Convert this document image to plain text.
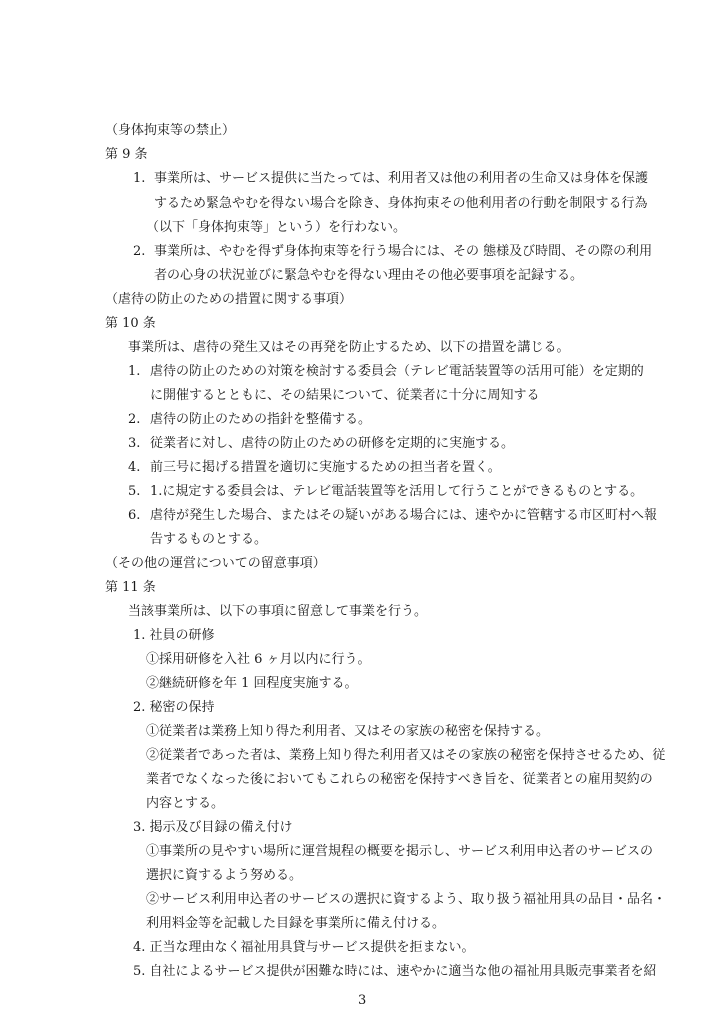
（身体拘束等の禁止）
第 9 条
1. 事業所は、サービス提供に当たっては、利用者又は他の利用者の生命又は身体を保護
するため緊急やむを得ない場合を除き、身体拘束その他利用者の行動を制限する行為
（以下「身体拘束等」という）を行わない。
2. 事業所は、やむを得ず身体拘束等を行う場合には、その 態様及び時間、その際の利用
者の心身の状況並びに緊急やむを得ない理由その他必要事項を記録する。
（虐待の防止のための措置に関する事項）
第 10 条
事業所は、虐待の発生又はその再発を防止するため、以下の措置を講じる。
1. 虐待の防止のための対策を検討する委員会（テレビ電話装置等の活用可能）を定期的
に開催するとともに、その結果について、従業者に十分に周知する
2. 虐待の防止のための指針を整備する。
3. 従業者に対し、虐待の防止のための研修を定期的に実施する。
4. 前三号に掲げる措置を適切に実施するための担当者を置く。
5. 1.に規定する委員会は、テレビ電話装置等を活用して行うことができるものとする。
6. 虐待が発生した場合、またはその疑いがある場合には、速やかに管轄する市区町村へ報
告するものとする。
（その他の運営についての留意事項）
第 11 条
当該事業所は、以下の事項に留意して事業を行う。
1. 社員の研修
①採用研修を入社 6 ヶ月以内に行う。
②継続研修を年 1 回程度実施する。
2. 秘密の保持
①従業者は業務上知り得た利用者、又はその家族の秘密を保持する。
②従業者であった者は、業務上知り得た利用者又はその家族の秘密を保持させるため、従
業者でなくなった後においてもこれらの秘密を保持すべき旨を、従業者との雇用契約の
内容とする。
3. 掲示及び目録の備え付け
①事業所の見やすい場所に運営規程の概要を掲示し、サービス利用申込者のサービスの
選択に資するよう努める。
②サービス利用申込者のサービスの選択に資するよう、取り扱う福祉用具の品目・品名・
利用料金等を記載した目録を事業所に備え付ける。
4. 正当な理由なく福祉用具貸与サービス提供を拒まない。
5. 自社によるサービス提供が困難な時には、速やかに適当な他の福祉用具販売事業者を紹
3
